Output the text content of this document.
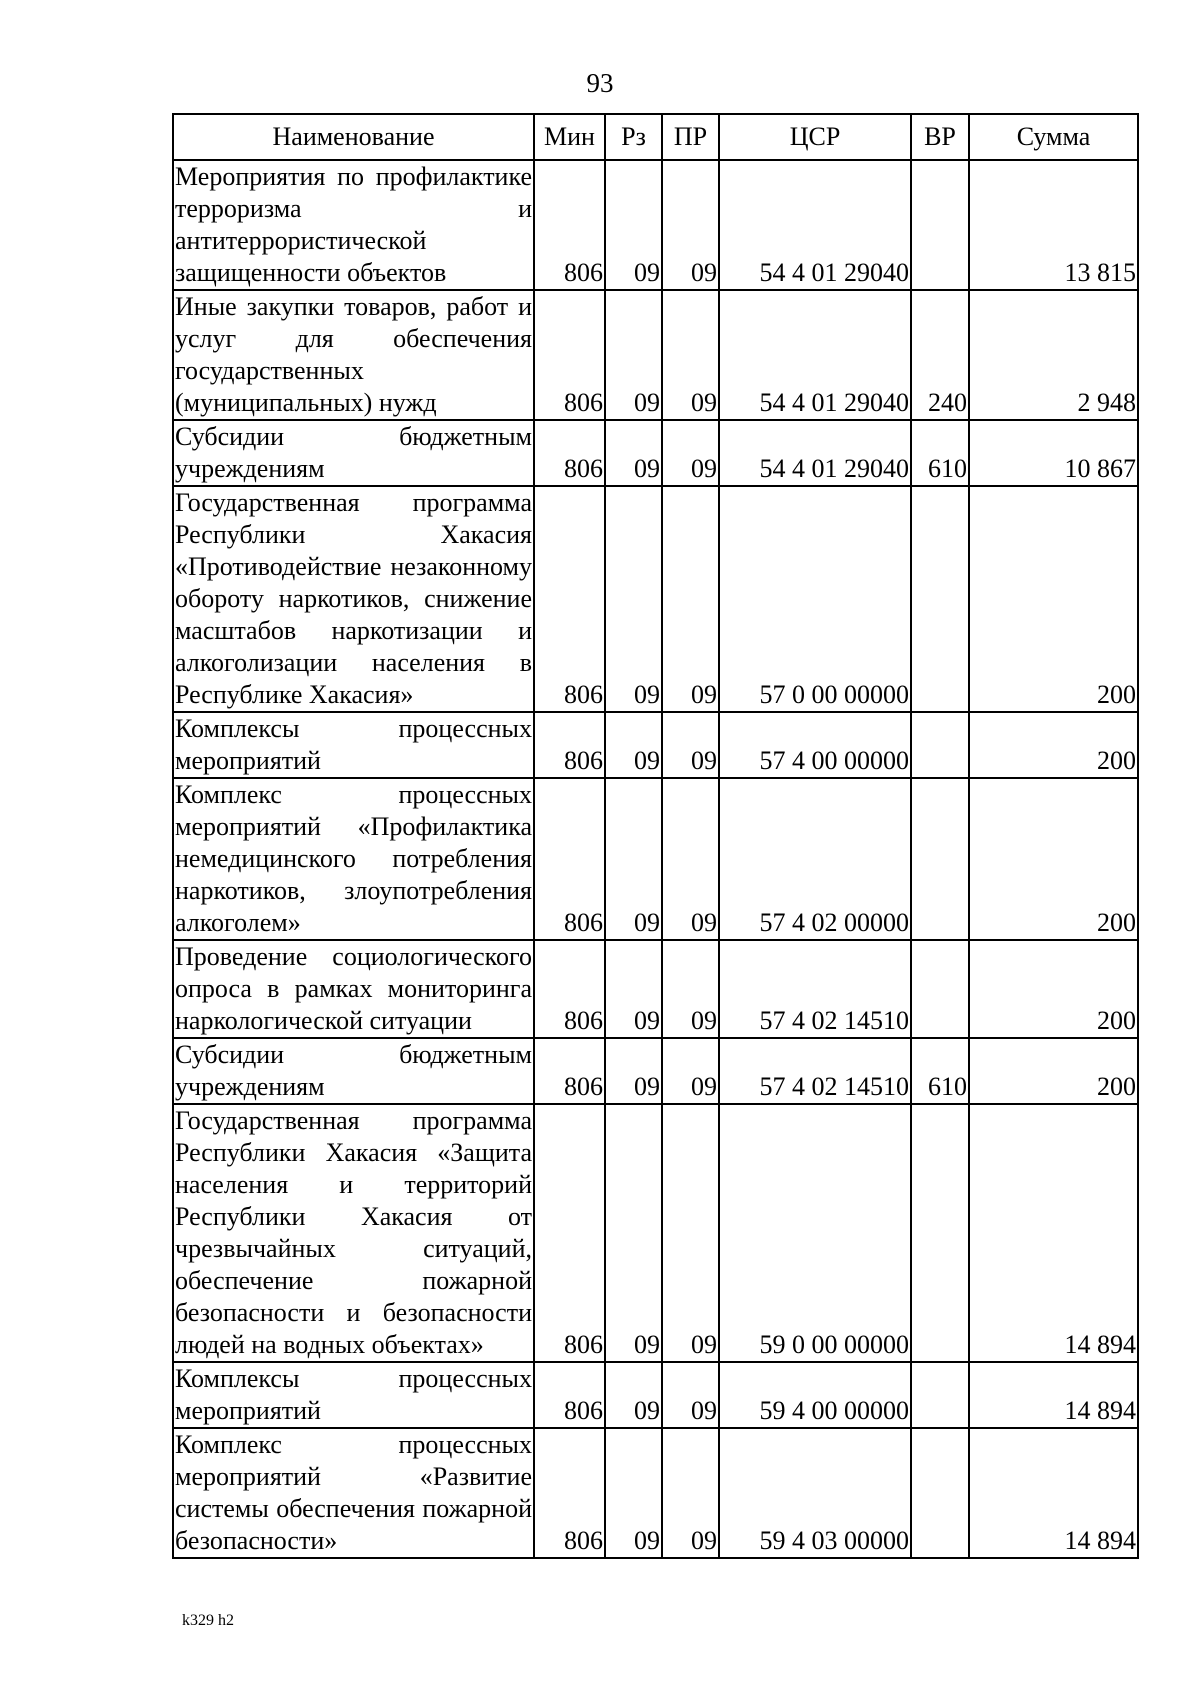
93
Наименование	Мин	Рз	ПР	ЦСР	ВР	Сумма
Мероприятия по профилактике терроризма и антитеррористической защищенности объектов	806	09	09	54 4 01 29040		13 815
Иные закупки товаров, работ и услуг для обеспечения государственных (муниципальных) нужд	806	09	09	54 4 01 29040	240	2 948
Субсидии бюджетным учреждениям	806	09	09	54 4 01 29040	610	10 867
Государственная программа Республики Хакасия «Противодействие незаконному обороту наркотиков, снижение масштабов наркотизации и алкоголизации населения в Республике Хакасия»	806	09	09	57 0 00 00000		200
Комплексы процессных мероприятий	806	09	09	57 4 00 00000		200
Комплекс процессных мероприятий «Профилактика немедицинского потребления наркотиков, злоупотребления алкоголем»	806	09	09	57 4 02 00000		200
Проведение социологического опроса в рамках мониторинга наркологической ситуации	806	09	09	57 4 02 14510		200
Субсидии бюджетным учреждениям	806	09	09	57 4 02 14510	610	200
Государственная программа Республики Хакасия «Защита населения и территорий Республики Хакасия от чрезвычайных ситуаций, обеспечение пожарной безопасности и безопасности людей на водных объектах»	806	09	09	59 0 00 00000		14 894
Комплексы процессных мероприятий	806	09	09	59 4 00 00000		14 894
Комплекс процессных мероприятий «Развитие системы обеспечения пожарной безопасности»	806	09	09	59 4 03 00000		14 894
k329 h2
